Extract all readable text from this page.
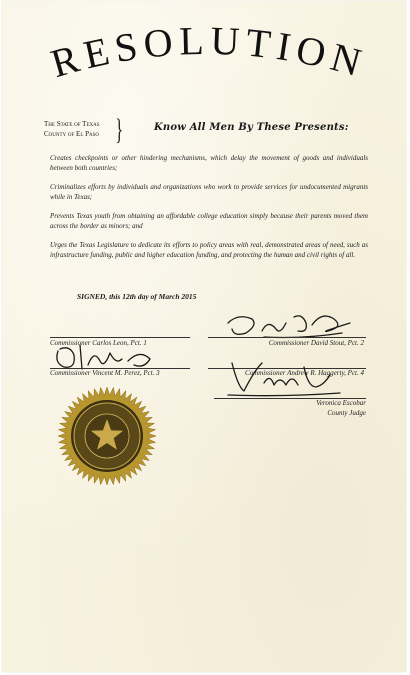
RESOLUTION
The State of Texas
County of El Paso }	Know All Men By These Presents:

Creates checkpoints or other hindering mechanisms, which delay the movement of goods and individuals between both countries;

Criminalizes efforts by individuals and organizations who work to provide services for undocumented migrants while in Texas;

Prevents Texas youth from obtaining an affordable college education simply because their parents moved them across the border as minors; and

Urges the Texas Legislature to dedicate its efforts to policy areas with real, demonstrated areas of need, such as infrastructure funding, public and higher education funding, and protecting the human and civil rights of all.

SIGNED, this 12th day of March 2015
Commissioner Carlos Leon, Pct. 1	Commissioner David Stout, Pct. 2
Commissioner Vincent M. Perez, Pct. 3	Commissioner Andrew R. Haggerty, Pct. 4
Veronica Escobar
County Judge
